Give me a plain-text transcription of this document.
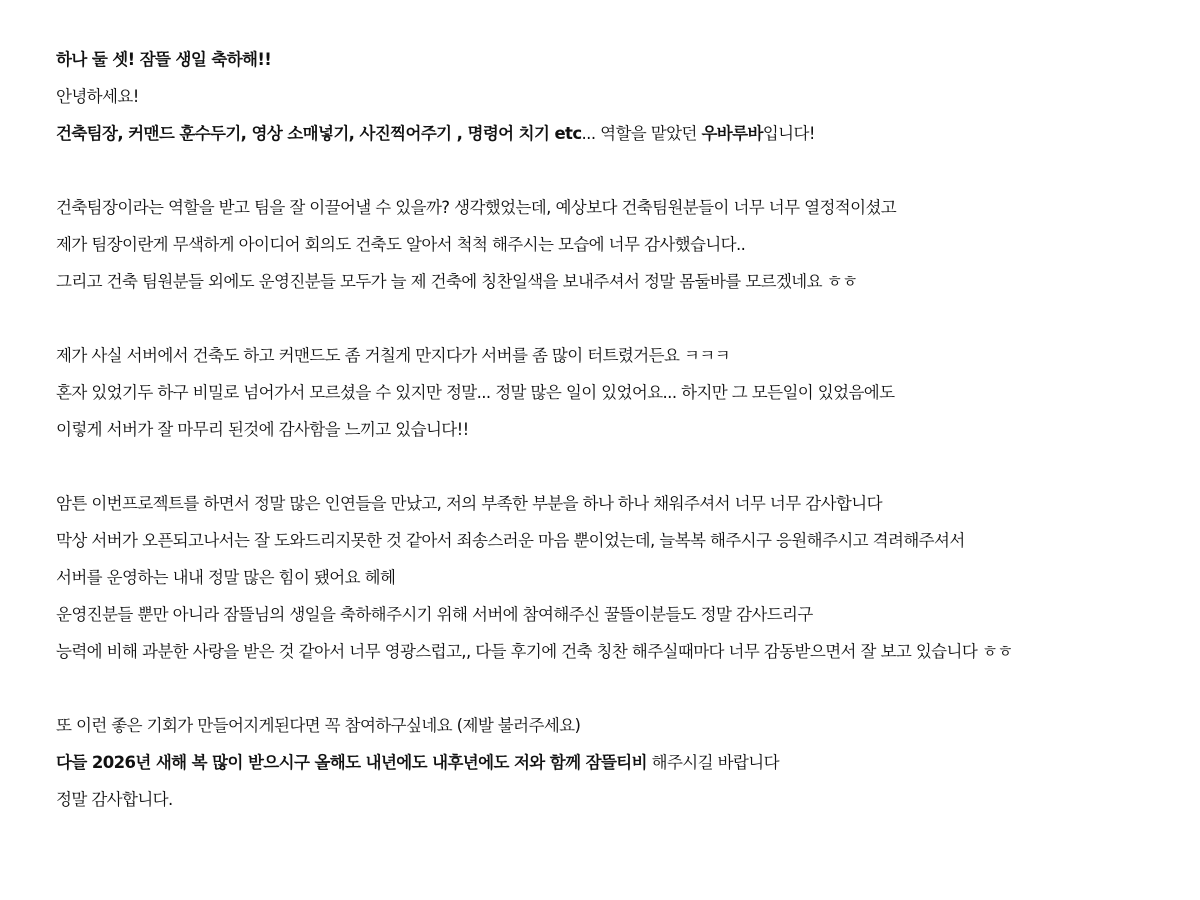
하나 둘 셋! 잠뜰 생일 축하해!!

안녕하세요!

건축팀장, 커맨드 훈수두기, 영상 소매넣기, 사진찍어주기 , 명령어 치기 etc... 역할을 맡았던 우바루바입니다!

건축팀장이라는 역할을 받고 팀을 잘 이끌어낼 수 있을까? 생각했었는데, 예상보다 건축팀원분들이 너무 너무 열정적이셨고

제가 팀장이란게 무색하게 아이디어 회의도 건축도 알아서 척척 해주시는 모습에 너무 감사했습니다..

그리고 건축 팀원분들 외에도 운영진분들 모두가 늘 제 건축에 칭찬일색을 보내주셔서 정말 몸둘바를 모르겠네요 ㅎㅎ

제가 사실 서버에서 건축도 하고 커맨드도 좀 거칠게 만지다가 서버를 좀 많이 터트렸거든요 ㅋㅋㅋ

혼자 있었기두 하구 비밀로 넘어가서 모르셨을 수 있지만 정말... 정말 많은 일이 있었어요... 하지만 그 모든일이 있었음에도

이렇게 서버가 잘 마무리 된것에 감사함을 느끼고 있습니다!!

암튼 이번프로젝트를 하면서 정말 많은 인연들을 만났고, 저의 부족한 부분을 하나 하나 채워주셔서 너무 너무 감사합니다

막상 서버가 오픈되고나서는 잘 도와드리지못한 것 같아서 죄송스러운 마음 뿐이었는데, 늘복복 해주시구 응원해주시고 격려해주셔서

서버를 운영하는 내내 정말 많은 힘이 됐어요 헤헤

운영진분들 뿐만 아니라 잠뜰님의 생일을 축하해주시기 위해 서버에 참여해주신 꿀뜰이분들도 정말 감사드리구

능력에 비해 과분한 사랑을 받은 것 같아서 너무 영광스럽고,, 다들 후기에 건축 칭찬 해주실때마다 너무 감동받으면서 잘 보고 있습니다 ㅎㅎ

또 이런 좋은 기회가 만들어지게된다면 꼭 참여하구싶네요 (제발 불러주세요)

다들 2026년 새해 복 많이 받으시구 올해도 내년에도 내후년에도 저와 함께 잠뜰티비 해주시길 바랍니다

정말 감사합니다.
